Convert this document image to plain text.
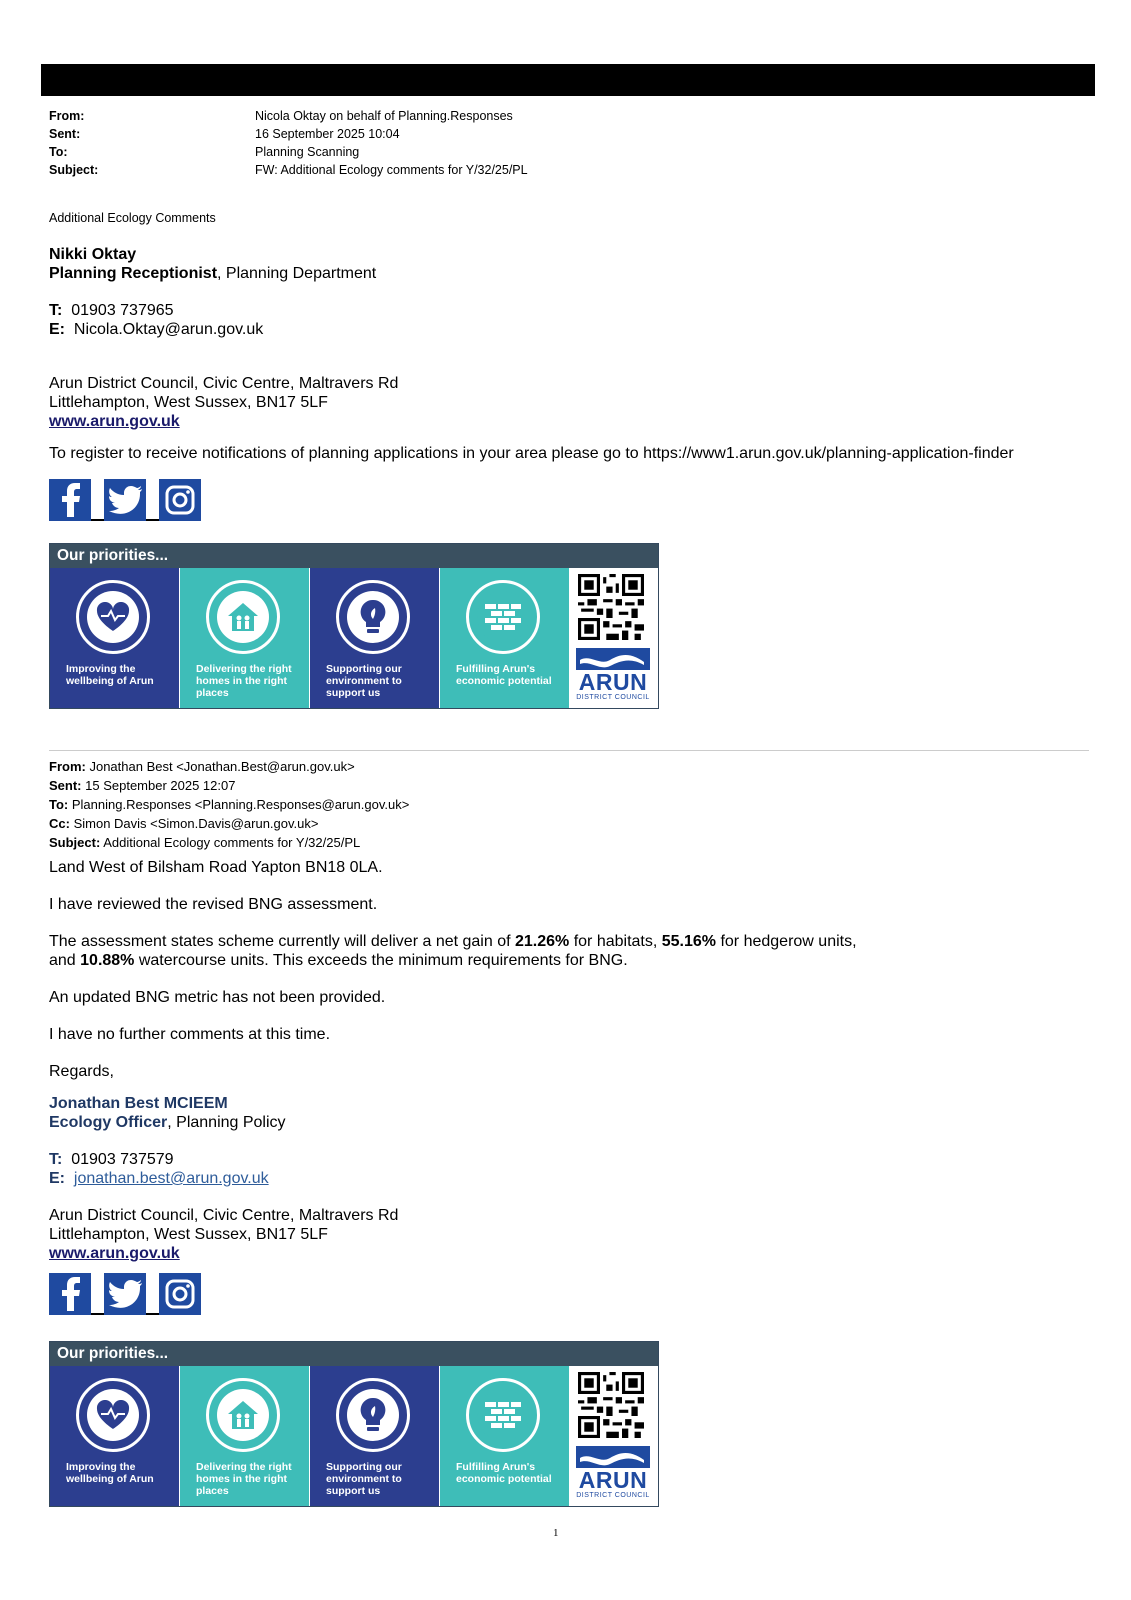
From:	Nicola Oktay on behalf of Planning.Responses
Sent:	16 September 2025 10:04
To:	Planning Scanning
Subject:	FW: Additional Ecology comments for Y/32/25/PL
Additional Ecology Comments
Nikki Oktay
Planning Receptionist, Planning Department
T: 01903 737965
E: Nicola.Oktay@arun.gov.uk
Arun District Council, Civic Centre, Maltravers Rd
Littlehampton, West Sussex, BN17 5LF
www.arun.gov.uk
To register to receive notifications of planning applications in your area please go to https://www1.arun.gov.uk/planning-application-finder
Our priorities...
Improving the wellbeing of Arun
Delivering the right homes in the right places
Supporting our environment to support us
Fulfilling Arun's economic potential	ARUN
DISTRICT COUNCIL
From: Jonathan Best <Jonathan.Best@arun.gov.uk>
Sent: 15 September 2025 12:07
To: Planning.Responses <Planning.Responses@arun.gov.uk>
Cc: Simon Davis <Simon.Davis@arun.gov.uk>
Subject: Additional Ecology comments for Y/32/25/PL
Land West of Bilsham Road Yapton BN18 0LA.
I have reviewed the revised BNG assessment.
The assessment states scheme currently will deliver a net gain of 21.26% for habitats, 55.16% for hedgerow units,
and 10.88% watercourse units. This exceeds the minimum requirements for BNG.
An updated BNG metric has not been provided.
I have no further comments at this time.
Regards,
Jonathan Best MCIEEM
Ecology Officer, Planning Policy
T: 01903 737579
E: jonathan.best@arun.gov.uk
Arun District Council, Civic Centre, Maltravers Rd
Littlehampton, West Sussex, BN17 5LF
www.arun.gov.uk
Our priorities...
Improving the wellbeing of Arun
Delivering the right homes in the right places
Supporting our environment to support us
Fulfilling Arun's economic potential	ARUN
DISTRICT COUNCIL
1
